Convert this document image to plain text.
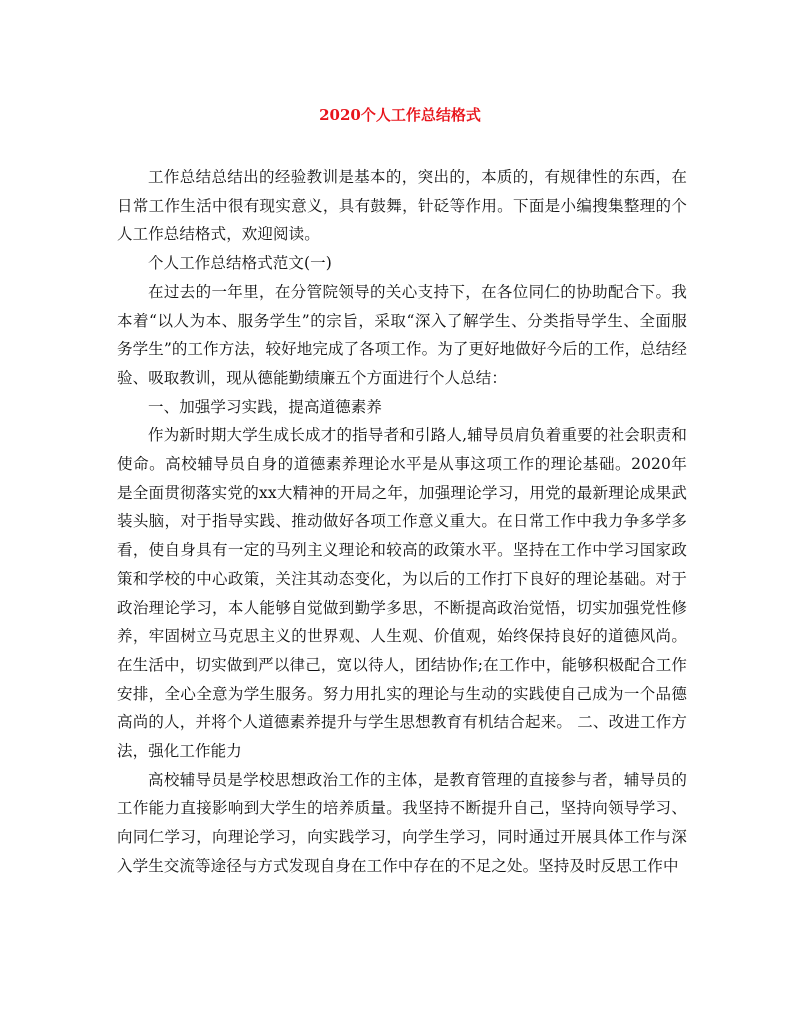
2020个人工作总结格式

工作总结总结出的经验教训是基本的，突出的，本质的，有规律性的东西，在日常工作生活中很有现实意义，具有鼓舞，针砭等作用。下面是小编搜集整理的个人工作总结格式，欢迎阅读。

个人工作总结格式范文(一)

在过去的一年里，在分管院领导的关心支持下，在各位同仁的协助配合下。我本着“以人为本、服务学生”的宗旨，采取“深入了解学生、分类指导学生、全面服务学生”的工作方法，较好地完成了各项工作。为了更好地做好今后的工作，总结经验、吸取教训，现从德能勤绩廉五个方面进行个人总结：

一、加强学习实践，提高道德素养

作为新时期大学生成长成才的指导者和引路人,辅导员肩负着重要的社会职责和使命。高校辅导员自身的道德素养理论水平是从事这项工作的理论基础。2020年是全面贯彻落实党的xx大精神的开局之年，加强理论学习，用党的最新理论成果武装头脑，对于指导实践、推动做好各项工作意义重大。在日常工作中我力争多学多看，使自身具有一定的马列主义理论和较高的政策水平。坚持在工作中学习国家政策和学校的中心政策，关注其动态变化，为以后的工作打下良好的理论基础。对于政治理论学习，本人能够自觉做到勤学多思，不断提高政治觉悟，切实加强党性修养，牢固树立马克思主义的世界观、人生观、价值观，始终保持良好的道德风尚。在生活中，切实做到严以律己，宽以待人，团结协作;在工作中，能够积极配合工作安排，全心全意为学生服务。努力用扎实的理论与生动的实践使自己成为一个品德高尚的人，并将个人道德素养提升与学生思想教育有机结合起来。 二、改进工作方法，强化工作能力

高校辅导员是学校思想政治工作的主体，是教育管理的直接参与者，辅导员的工作能力直接影响到大学生的培养质量。我坚持不断提升自己，坚持向领导学习、向同仁学习，向理论学习，向实践学习，向学生学习，同时通过开展具体工作与深入学生交流等途径与方式发现自身在工作中存在的不足之处。坚持及时反思工作中
